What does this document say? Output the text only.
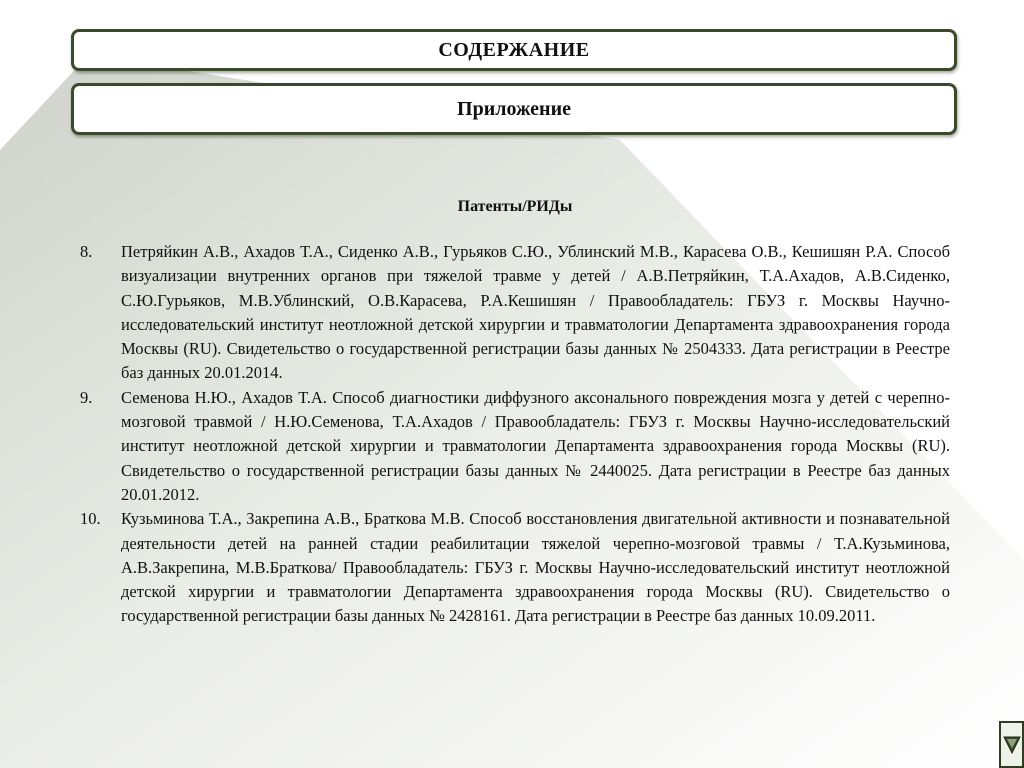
СОДЕРЖАНИЕ
Приложение
Патенты/РИДы
8.	Петряйкин А.В., Ахадов Т.А., Сиденко А.В., Гурьяков С.Ю., Ублинский М.В., Карасева О.В., Кешишян Р.А. Способ визуализации внутренних органов при тяжелой травме у детей / А.В.Петряйкин, Т.А.Ахадов, А.В.Сиденко, С.Ю.Гурьяков, М.В.Ублинский, О.В.Карасева, Р.А.Кешишян / Правообладатель: ГБУЗ г. Москвы Научно-исследовательский институт неотложной детской хирургии и травматологии Департамента здравоохранения города Москвы (RU). Свидетельство о государственной регистрации базы данных № 2504333. Дата регистрации в Реестре баз данных 20.01.2014.
9.	Семенова Н.Ю., Ахадов Т.А. Способ диагностики диффузного аксонального повреждения мозга у детей с черепно-мозговой травмой / Н.Ю.Семенова, Т.А.Ахадов / Правообладатель: ГБУЗ г. Москвы Научно-исследовательский институт неотложной детской хирургии и травматологии Департамента здравоохранения города Москвы (RU). Свидетельство о государственной регистрации базы данных № 2440025. Дата регистрации в Реестре баз данных 20.01.2012.
10.	Кузьминова Т.А., Закрепина А.В., Браткова М.В. Способ восстановления двигательной активности и познавательной деятельности детей на ранней стадии реабилитации тяжелой черепно-мозговой травмы / Т.А.Кузьминова, А.В.Закрепина, М.В.Браткова/ Правообладатель: ГБУЗ г. Москвы Научно-исследовательский институт неотложной детской хирургии и травматологии Департамента здравоохранения города Москвы (RU). Свидетельство о государственной регистрации базы данных № 2428161. Дата регистрации в Реестре баз данных 10.09.2011.
